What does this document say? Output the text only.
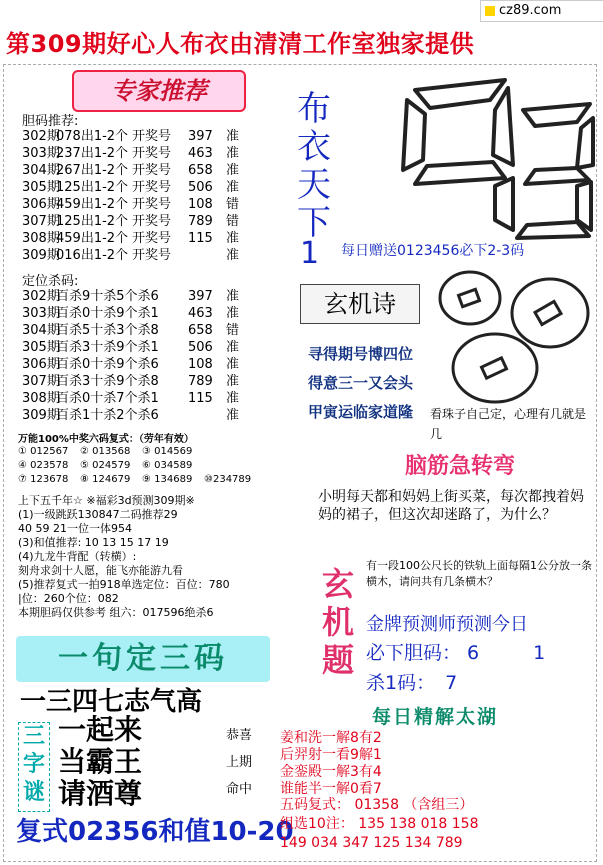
cz89.com
第309期好心人布衣由清清工作室独家提供
专家推荐
胆码推荐:
302期
078出1-2个 开奖号 397 准
303期
237出1-2个 开奖号 463 准
304期
267出1-2个 开奖号 658 准
305期
125出1-2个 开奖号 506 准
306期
459出1-2个 开奖号 108 错
307期
125出1-2个 开奖号 789 错
308期
459出1-2个 开奖号 115 准
309期
016出1-2个 开奖号	准
定位杀码:
302期
百杀9十杀5个杀6 397 准
303期
百杀0十杀9个杀1 463 准
304期
百杀5十杀3个杀8 658 错
305期
百杀3十杀9个杀1 506 准
306期
百杀0十杀9个杀6 108 准
307期
百杀3十杀9个杀8 789 准
308期
百杀0十杀7个杀1 115 准
309期
百杀1十杀2个杀6	准
万能100%中奖六码复式：（劳年有效）
① 012567 ② 013568 ③ 014569
④ 023578 ⑤ 024579 ⑥ 034589
⑦ 123678 ⑧ 124679 ⑨ 134689 ⑩234789
上下五千年☆ ※福彩3d预测309期※
(1)一级跳跃130847二码推荐29
40 59 21一位一体954
(3)和值推荐: 10 13 15 17 19
(4)九龙牛背配（转横）:
刻舟求剑十人愿，能飞亦能游九看
(5)推荐复式一拍918单选定位：百位：780
|位：260个位：082
本期胆码仅供参考 组六：017596绝杀6
一句定三码
一三四七志气高
三字谜
一起来
当霸王
请酒尊
恭喜
上期
命中
复式02356和值10-20
布衣天下
1 每日赠送0123456必下2-3码
玄机诗
寻得期号博四位
得意三一又会头
甲寅运临家道隆	看珠子自己定，心理有几就是几
脑筋急转弯
小明每天都和妈妈上街买菜，每次都拽着妈妈的裙子，但这次却迷路了，为什么？
玄机题
有一段100公尺长的铁轨上面每隔1公分放一条横木，请问共有几条横木？
金牌预测师预测今日
必下胆码： 6	1
杀1码： 7
每日精解太湖
姜和洗一解8有2
后羿射一看9解1
金銮殿一解3有4
谁能半一解0看7
五码复式： 01358 （含组三）
组选10注： 135 138 018 158
149 034 347 125 134 789
